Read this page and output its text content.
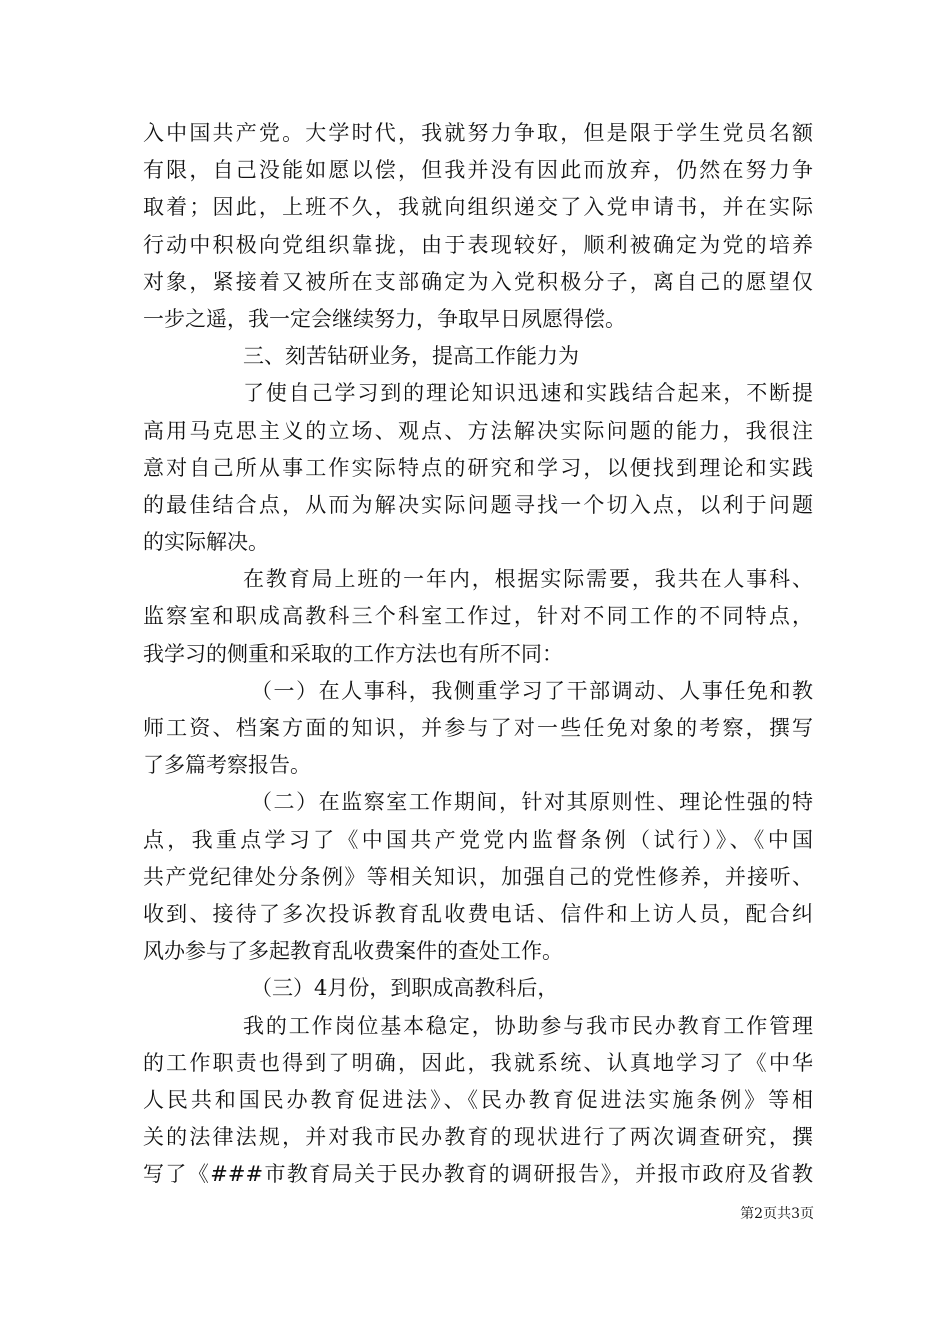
入中国共产党。大学时代，我就努力争取，但是限于学生党员名额
有限，自己没能如愿以偿，但我并没有因此而放弃，仍然在努力争
取着；因此，上班不久，我就向组织递交了入党申请书，并在实际
行动中积极向党组织靠拢，由于表现较好，顺利被确定为党的培养
对象，紧接着又被所在支部确定为入党积极分子，离自己的愿望仅
一步之遥，我一定会继续努力，争取早日夙愿得偿。
三、刻苦钻研业务，提高工作能力为
了使自己学习到的理论知识迅速和实践结合起来，不断提
高用马克思主义的立场、观点、方法解决实际问题的能力，我很注
意对自己所从事工作实际特点的研究和学习，以便找到理论和实践
的最佳结合点，从而为解决实际问题寻找一个切入点，以利于问题
的实际解决。
在教育局上班的一年内，根据实际需要，我共在人事科、
监察室和职成高教科三个科室工作过，针对不同工作的不同特点，
我学习的侧重和采取的工作方法也有所不同：
（一）在人事科，我侧重学习了干部调动、人事任免和教
师工资、档案方面的知识，并参与了对一些任免对象的考察，撰写
了多篇考察报告。
（二）在监察室工作期间，针对其原则性、理论性强的特
点，我重点学习了《中国共产党党内监督条例（试行）》、《中国
共产党纪律处分条例》等相关知识，加强自己的党性修养，并接听、
收到、接待了多次投诉教育乱收费电话、信件和上访人员，配合纠
风办参与了多起教育乱收费案件的查处工作。
（三）4月份，到职成高教科后，
我的工作岗位基本稳定，协助参与我市民办教育工作管理
的工作职责也得到了明确，因此，我就系统、认真地学习了《中华
人民共和国民办教育促进法》、《民办教育促进法实施条例》等相
关的法律法规，并对我市民办教育的现状进行了两次调查研究，撰
写了《###市教育局关于民办教育的调研报告》，并报市政府及省教
第2页共3页
